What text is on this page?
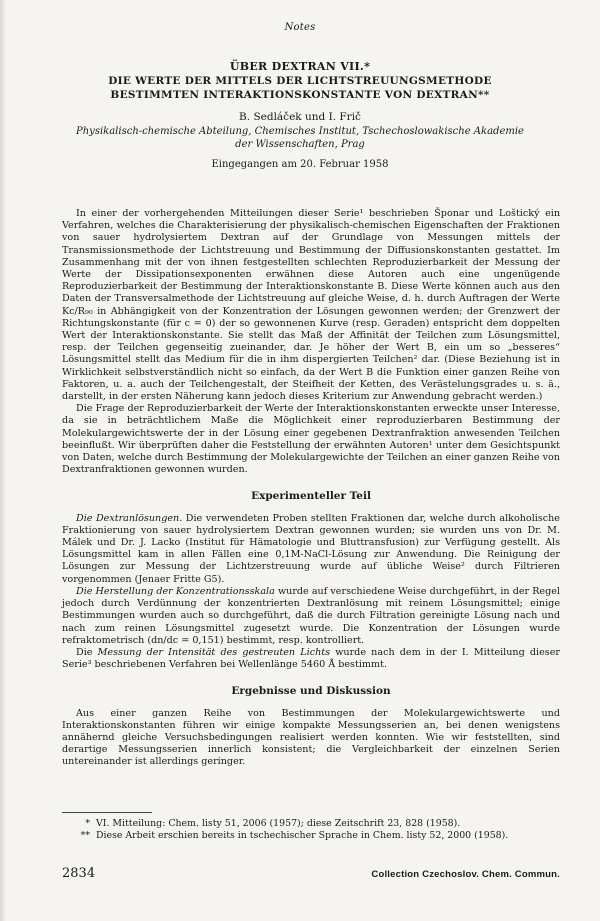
Notes
ÜBER DEXTRAN VII.*
DIE WERTE DER MITTELS DER LICHTSTREUUNGSMETHODE
BESTIMMTEN INTERAKTIONSKONSTANTE VON DEXTRAN**
B. Sedláček und I. Frič
Physikalisch-chemische Abteilung, Chemisches Institut, Tschechoslowakische Akademie
der Wissenschaften, Prag
Eingegangen am 20. Februar 1958

In einer der vorhergehenden Mitteilungen dieser Serie¹ beschrieben Šponar und Loštický ein Verfahren, welches die Charakterisierung der physikalisch-chemischen Eigenschaften der Fraktionen von sauer hydrolysiertem Dextran auf der Grundlage von Messungen mittels der Transmissionsmethode der Lichtstreuung und Bestimmung der Diffusionskonstanten gestattet. Im Zusammenhang mit der von ihnen festgestellten schlechten Reproduzierbarkeit der Messung der Werte der Dissipationsexponenten erwähnen diese Autoren auch eine ungenügende Reproduzierbarkeit der Bestimmung der Interaktionskonstante B. Diese Werte können auch aus den Daten der Transversalmethode der Lichtstreuung auf gleiche Weise, d. h. durch Auftragen der Werte Kc/R₉₀ in Abhängigkeit von der Konzentration der Lösungen gewonnen werden; der Grenzwert der Richtungskonstante (für c = 0) der so gewonnenen Kurve (resp. Geraden) entspricht dem doppelten Wert der Interaktionskonstante. Sie stellt das Maß der Affinität der Teilchen zum Lösungsmittel, resp. der Teilchen gegenseitig zueinander, dar. Je höher der Wert B, ein um so „besseres“ Lösungsmittel stellt das Medium für die in ihm dispergierten Teilchen² dar. (Diese Beziehung ist in Wirklichkeit selbstverständlich nicht so einfach, da der Wert B die Funktion einer ganzen Reihe von Faktoren, u. a. auch der Teilchengestalt, der Steifheit der Ketten, des Verästelungsgrades u. s. ä., darstellt, in der ersten Näherung kann jedoch dieses Kriterium zur Anwendung gebracht werden.)

Die Frage der Reproduzierbarkeit der Werte der Interaktionskonstanten erweckte unser Interesse, da sie in beträchtlichem Maße die Möglichkeit einer reproduzierbaren Bestimmung der Molekulargewichtswerte der in der Lösung einer gegebenen Dextranfraktion anwesenden Teilchen beeinflußt. Wir überprüften daher die Feststellung der erwähnten Autoren¹ unter dem Gesichtspunkt von Daten, welche durch Bestimmung der Molekulargewichte der Teilchen an einer ganzen Reihe von Dextranfraktionen gewonnen wurden.

Experimenteller Teil

Die Dextranlösungen. Die verwendeten Proben stellten Fraktionen dar, welche durch alkoholische Fraktionierung von sauer hydrolysiertem Dextran gewonnen wurden; sie wurden uns von Dr. M. Málek und Dr. J. Lacko (Institut für Hämatologie und Bluttransfusion) zur Verfügung gestellt. Als Lösungsmittel kam in allen Fällen eine 0,1M-NaCl-Lösung zur Anwendung. Die Reinigung der Lösungen zur Messung der Lichtzerstreuung wurde auf übliche Weise² durch Filtrieren vorgenommen (Jenaer Fritte G5).

Die Herstellung der Konzentrationsskala wurde auf verschiedene Weise durchgeführt, in der Regel jedoch durch Verdünnung der konzentrierten Dextranlösung mit reinem Lösungsmittel; einige Bestimmungen wurden auch so durchgeführt, daß die durch Filtration gereinigte Lösung nach und nach zum reinen Lösungsmittel zugesetzt wurde. Die Konzentration der Lösungen wurde refraktometrisch (dn/dc = 0,151) bestimmt, resp. kontrolliert.

Die Messung der Intensität des gestreuten Lichts wurde nach dem in der I. Mitteilung dieser Serie³ beschriebenen Verfahren bei Wellenlänge 5460 Å bestimmt.

Ergebnisse und Diskussion

Aus einer ganzen Reihe von Bestimmungen der Molekulargewichtswerte und Interaktionskonstanten führen wir einige kompakte Messungsserien an, bei denen wenigstens annähernd gleiche Versuchsbedingungen realisiert werden konnten. Wie wir feststellten, sind derartige Messungsserien innerlich konsistent; die Vergleichbarkeit der einzelnen Serien untereinander ist allerdings geringer.

* VI. Mitteilung: Chem. listy 51, 2006 (1957); diese Zeitschrift 23, 828 (1958).
** Diese Arbeit erschien bereits in tschechischer Sprache in Chem. listy 52, 2000 (1958).
2834	Collection Czechoslov. Chem. Commun.
